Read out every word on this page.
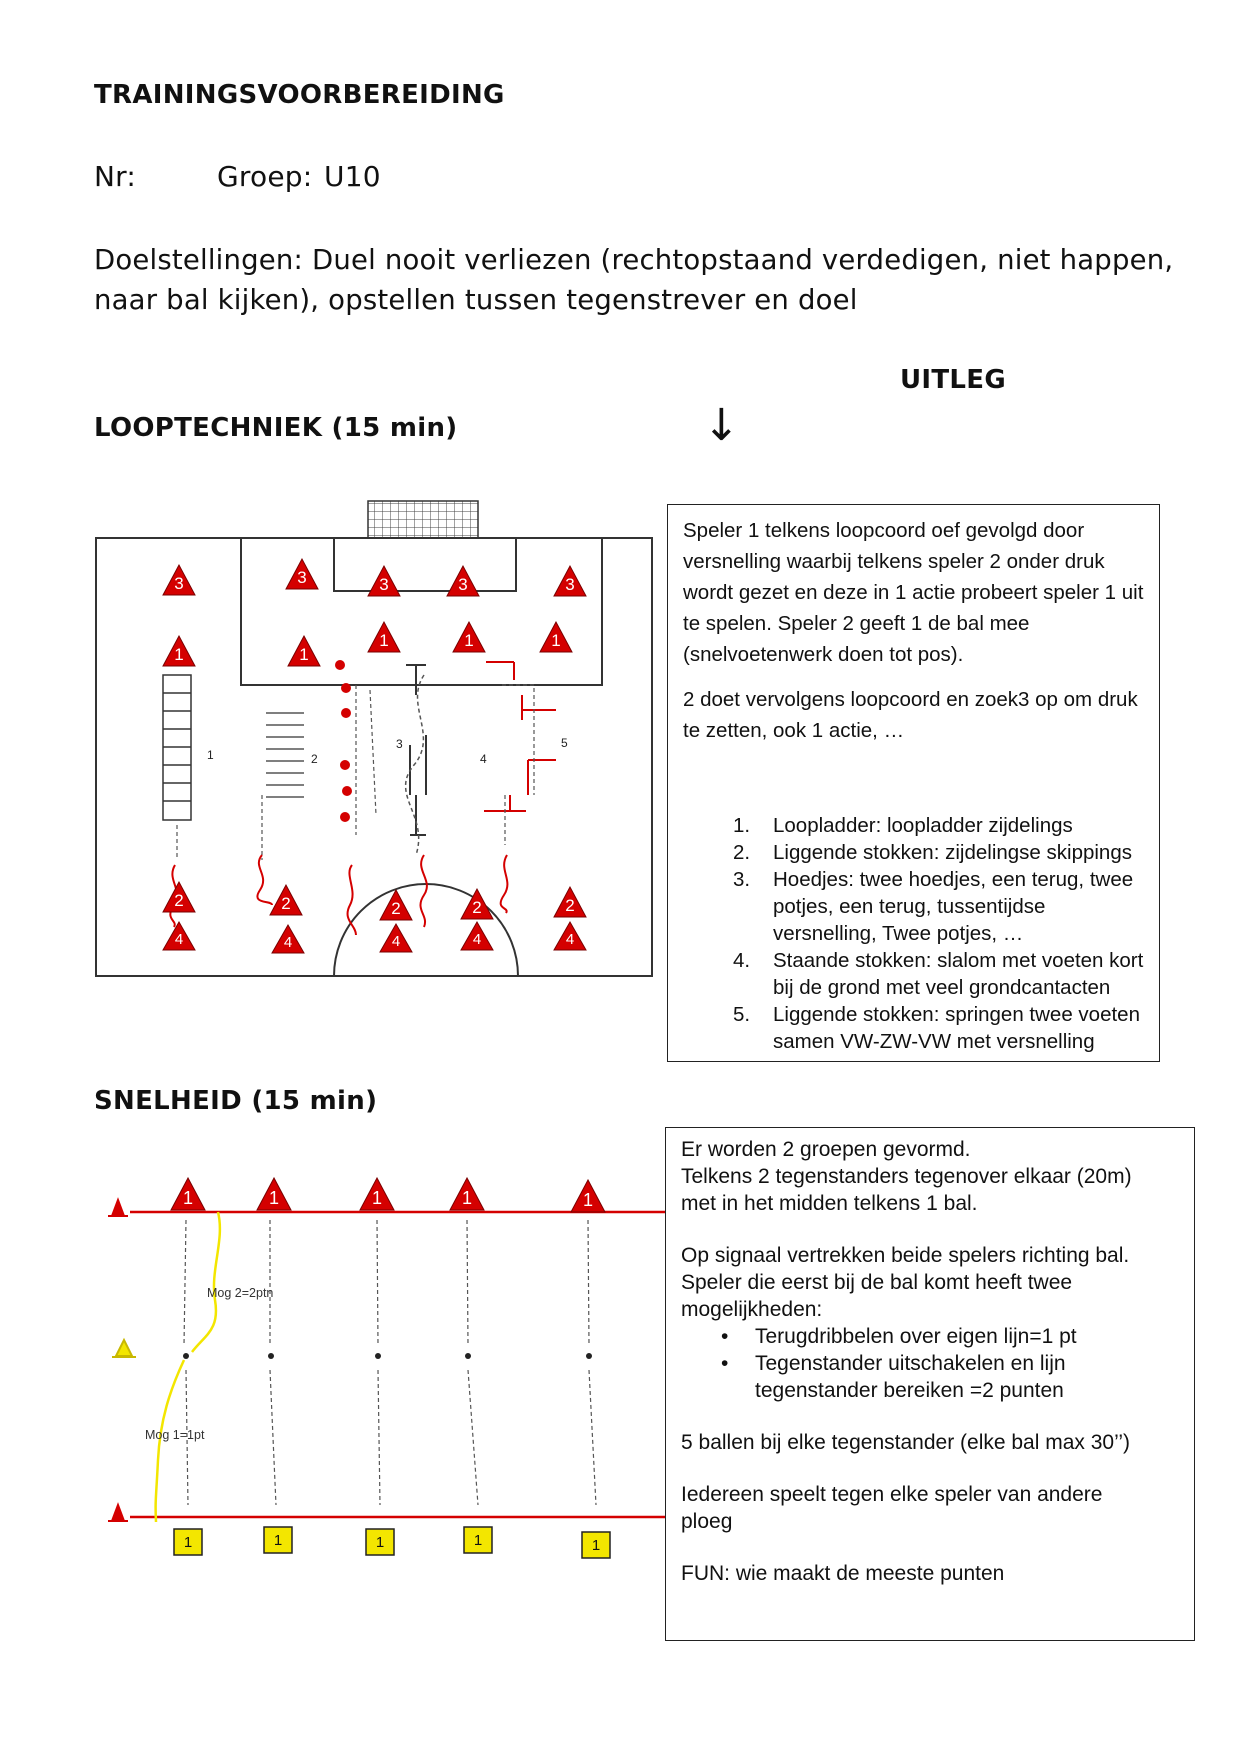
TRAININGSVOORBEREIDING
Nr:	Groep: U10
Doelstellingen: Duel nooit verliezen (rechtopstaand verdedigen, niet happen,
naar bal kijken), opstellen tussen tegenstrever en doel
UITLEG
↓
LOOPTECHNIEK (15 min)
3	3	3	3	3
1	1
1	1	1
2	2	2	2	2
4	4	4	4	4
1	2
3
4
5

Speler 1 telkens loopcoord oef gevolgd door versnelling waarbij telkens speler 2 onder druk wordt gezet en deze in 1 actie probeert speler 1 uit te spelen. Speler 2 geeft 1 de bal mee (snelvoetenwerk doen tot pos).

2 doet vervolgens loopcoord en zoek3 op om druk te zetten, ook 1 actie, …

1.	Loopladder: loopladder zijdelings
2.	Liggende stokken: zijdelingse skippings
3.	Hoedjes: twee hoedjes, een terug, twee potjes, een terug, tussentijdse versnelling, Twee potjes, …
4.	Staande stokken: slalom met voeten kort bij de grond met veel grondcantacten
5.	Liggende stokken: springen twee voeten samen VW-ZW-VW met versnelling
SNELHEID (15 min)
Mog 2=2ptn
Mog 1=1pt
1	1	1	1	1
1	1	1	1	1

Er worden 2 groepen gevormd.

Telkens 2 tegenstanders tegenover elkaar (20m)

met in het midden telkens 1 bal.

Op signaal vertrekken beide spelers richting bal.

Speler die eerst bij de bal komt heeft twee

mogelijkheden:

•	Terugdribbelen over eigen lijn=1 pt
•	Tegenstander uitschakelen en lijn tegenstander bereiken =2 punten

5 ballen bij elke tegenstander (elke bal max 30’’)

Iedereen speelt tegen elke speler van andere ploeg

FUN: wie maakt de meeste punten
